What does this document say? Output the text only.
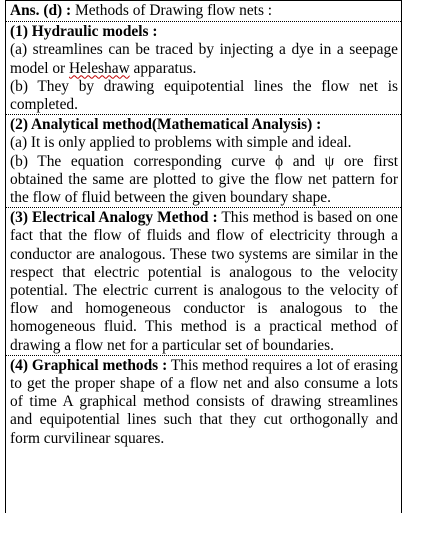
Ans. (d) : Methods of Drawing flow nets :

(1) Hydraulic models :

(a) streamlines can be traced by injecting a dye in a seepage model or Heleshaw apparatus.

(b) They by drawing equipotential lines the flow net is completed.

(2) Analytical method(Mathematical Analysis) :

(a) It is only applied to problems with simple and ideal.

(b) The equation corresponding curve ϕ and ψ ore first obtained the same are plotted to give the flow net pattern for the flow of fluid between the given boundary shape.

(3) Electrical Analogy Method : This method is based on one fact that the flow of fluids and flow of electricity through a conductor are analogous. These two systems are similar in the respect that electric potential is analogous to the velocity potential. The electric current is analogous to the velocity of flow and homogeneous conductor is analogous to the homogeneous fluid. This method is a practical method of drawing a flow net for a particular set of boundaries.

(4) Graphical methods : This method requires a lot of erasing to get the proper shape of a flow net and also consume a lots of time A graphical method consists of drawing streamlines and equipotential lines such that they cut orthogonally and form curvilinear squares.
